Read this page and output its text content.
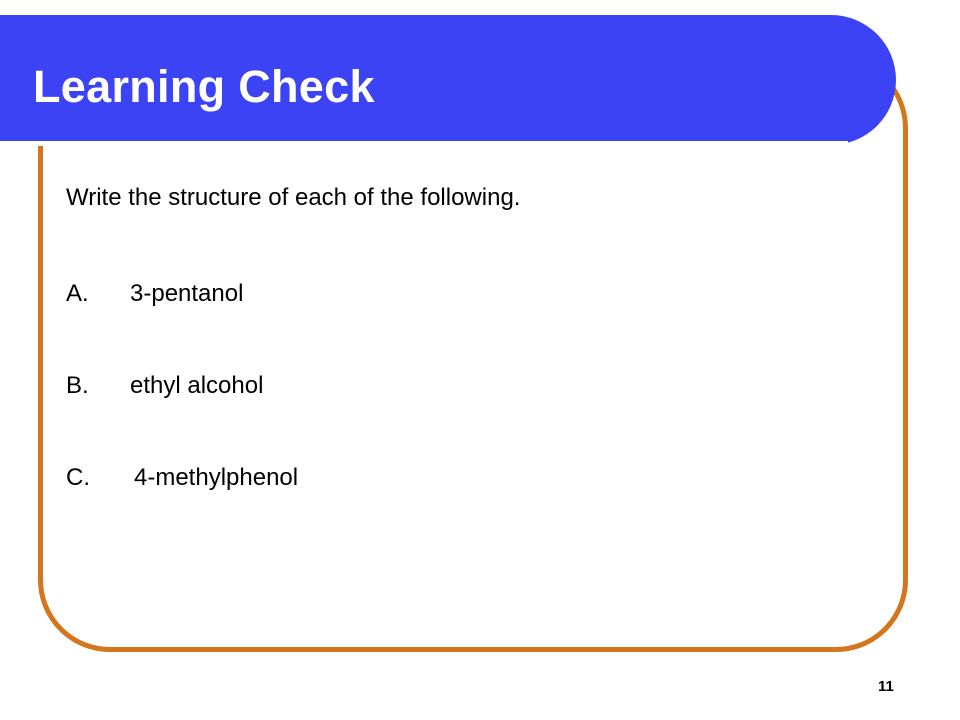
Learning Check

Write the structure of each of the following.

A. 3-pentanol
B. ethyl alcohol
C. 4-methylphenol
11
